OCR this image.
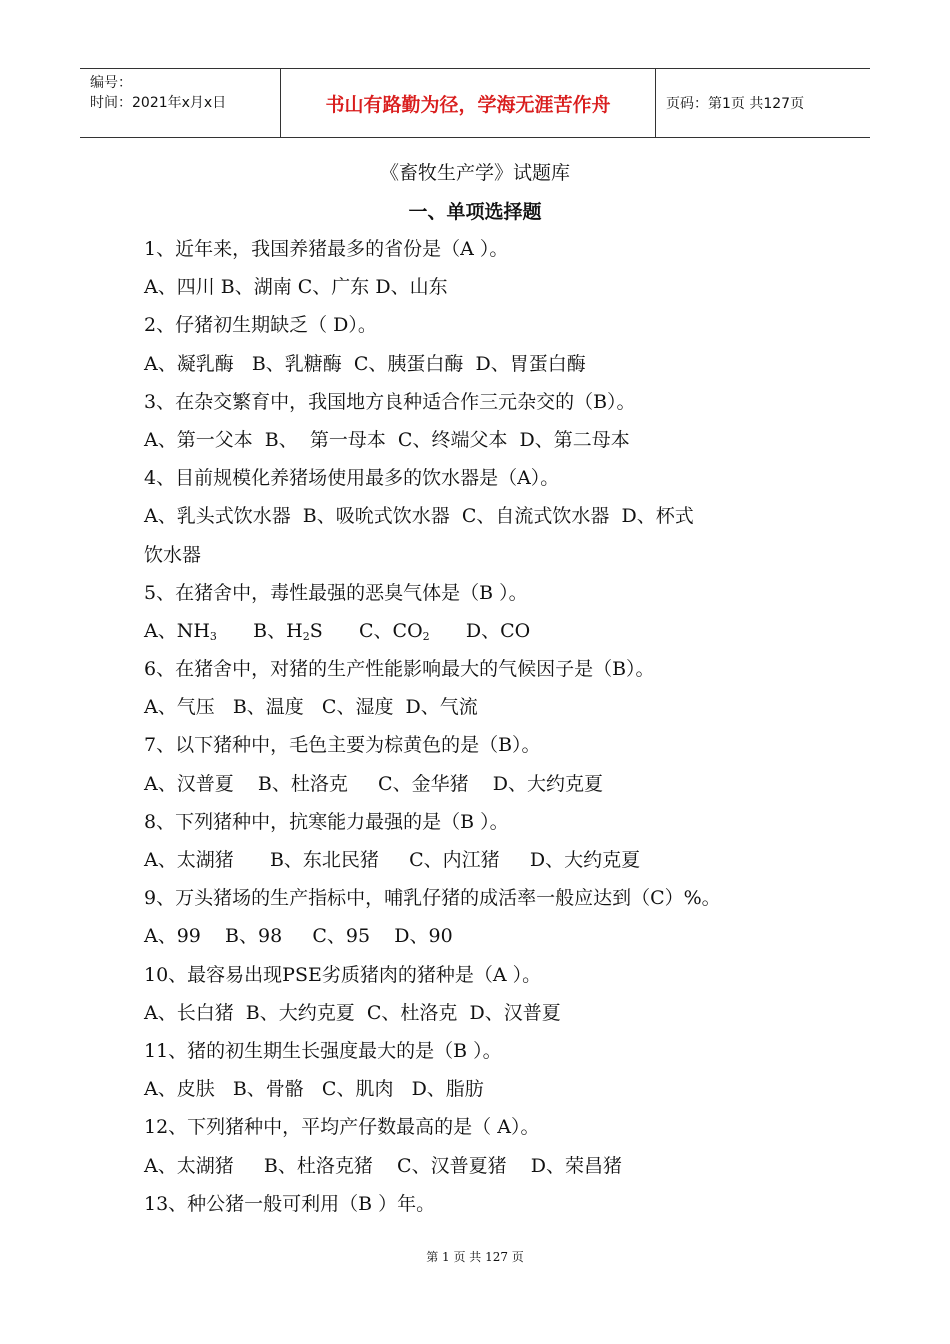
编号：
时间：2021年x月x日	书山有路勤为径，学海无涯苦作舟	页码：第1页 共127页
《畜牧生产学》试题库
一、单项选择题
1、近年来，我国养猪最多的省份是（A ）。
A、四川 B、湖南 C、广东 D、山东
2、仔猪初生期缺乏（ D）。
A、凝乳酶   B、乳糖酶  C、胰蛋白酶  D、胃蛋白酶
3、在杂交繁育中，我国地方良种适合作三元杂交的（B）。
A、第一父本  B、  第一母本  C、终端父本  D、第二母本
4、目前规模化养猪场使用最多的饮水器是（A）。
A、乳头式饮水器  B、吸吮式饮水器  C、自流式饮水器  D、杯式
饮水器
5、在猪舍中，毒性最强的恶臭气体是（B ）。
A、$NH_3$ B、$H_2S$ C、$CO_2$ D、CO
6、在猪舍中，对猪的生产性能影响最大的气候因子是（B）。
A、气压   B、温度   C、湿度  D、气流
7、以下猪种中，毛色主要为棕黄色的是（B）。
A、汉普夏    B、杜洛克     C、金华猪    D、大约克夏
8、下列猪种中，抗寒能力最强的是（B ）。
A、太湖猪      B、东北民猪     C、内江猪     D、大约克夏
9、万头猪场的生产指标中，哺乳仔猪的成活率一般应达到（C）%。
A、99    B、98     C、95    D、90
10、最容易出现PSE劣质猪肉的猪种是（A ）。
A、长白猪  B、大约克夏  C、杜洛克  D、汉普夏
11、猪的初生期生长强度最大的是（B ）。
A、皮肤   B、骨骼   C、肌肉   D、脂肪
12、下列猪种中，平均产仔数最高的是（ A）。
A、太湖猪     B、杜洛克猪    C、汉普夏猪    D、荣昌猪
13、种公猪一般可利用（B ）年。
第 1 页 共 127 页
